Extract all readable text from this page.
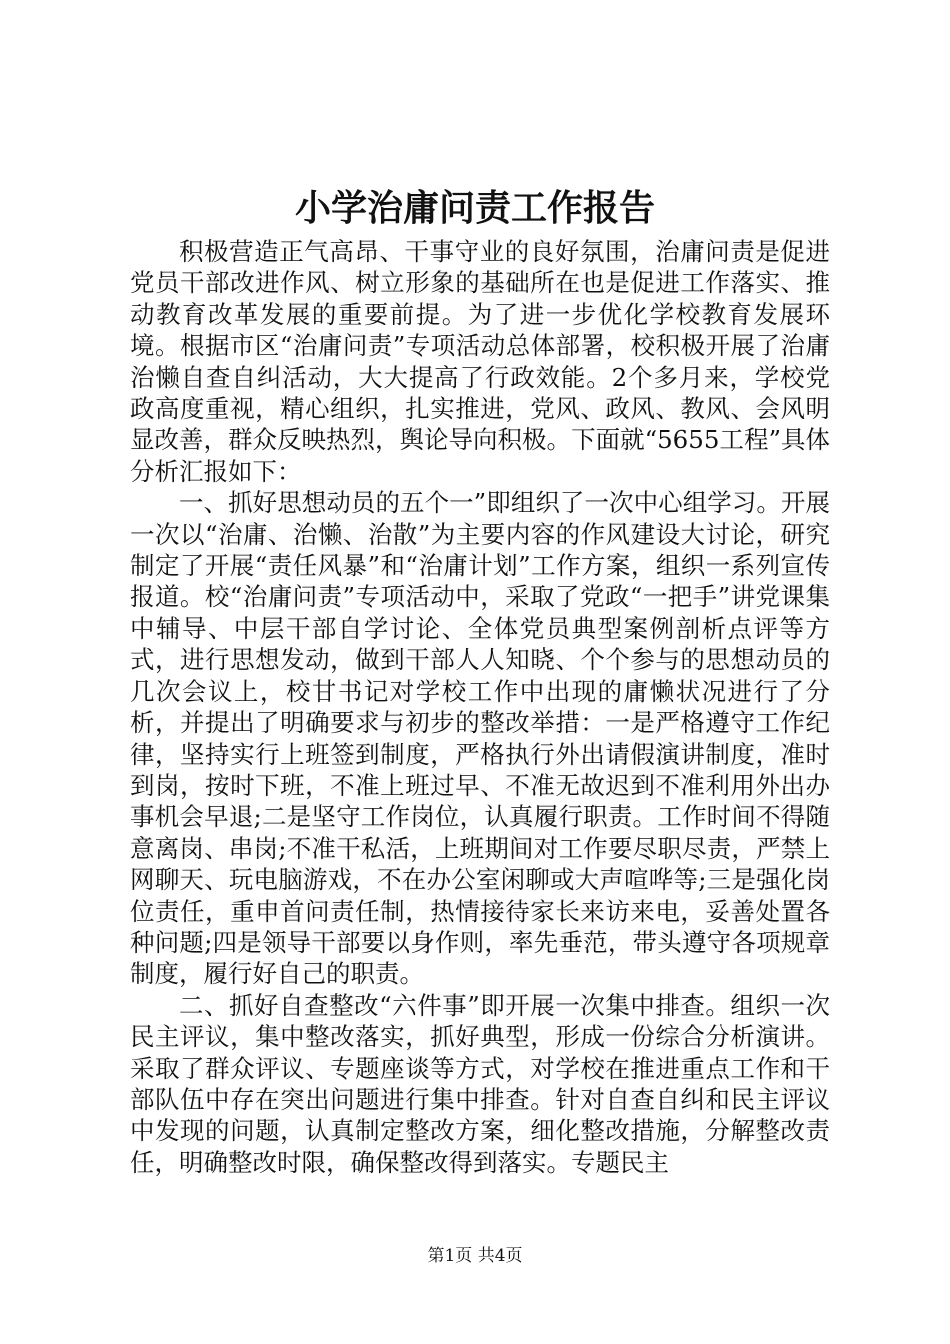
小学治庸问责工作报告

积极营造正气高昂、干事守业的良好氛围，治庸问责是促进党员干部改进作风、树立形象的基础所在也是促进工作落实、推动教育改革发展的重要前提。为了进一步优化学校教育发展环境。根据市区“治庸问责”专项活动总体部署，校积极开展了治庸治懒自查自纠活动，大大提高了行政效能。2个多月来，学校党政高度重视，精心组织，扎实推进，党风、政风、教风、会风明显改善，群众反映热烈，舆论导向积极。下面就“5655工程”具体分析汇报如下：

一、抓好思想动员的五个一”即组织了一次中心组学习。开展一次以“治庸、治懒、治散”为主要内容的作风建设大讨论，研究制定了开展“责任风暴”和“治庸计划”工作方案，组织一系列宣传报道。校“治庸问责”专项活动中，采取了党政“一把手”讲党课集中辅导、中层干部自学讨论、全体党员典型案例剖析点评等方式，进行思想发动，做到干部人人知晓、个个参与的思想动员的几次会议上，校甘书记对学校工作中出现的庸懒状况进行了分析，并提出了明确要求与初步的整改举措：一是严格遵守工作纪律，坚持实行上班签到制度，严格执行外出请假演讲制度，准时到岗，按时下班，不准上班过早、不准无故迟到不准利用外出办事机会早退;二是坚守工作岗位，认真履行职责。工作时间不得随意离岗、串岗;不准干私活，上班期间对工作要尽职尽责，严禁上网聊天、玩电脑游戏，不在办公室闲聊或大声喧哗等;三是强化岗位责任，重申首问责任制，热情接待家长来访来电，妥善处置各种问题;四是领导干部要以身作则，率先垂范，带头遵守各项规章制度，履行好自己的职责。

二、抓好自查整改“六件事”即开展一次集中排查。组织一次民主评议，集中整改落实，抓好典型，形成一份综合分析演讲。采取了群众评议、专题座谈等方式，对学校在推进重点工作和干部队伍中存在突出问题进行集中排查。针对自查自纠和民主评议中发现的问题，认真制定整改方案，细化整改措施，分解整改责任，明确整改时限，确保整改得到落实。专题民主

第1页 共4页
